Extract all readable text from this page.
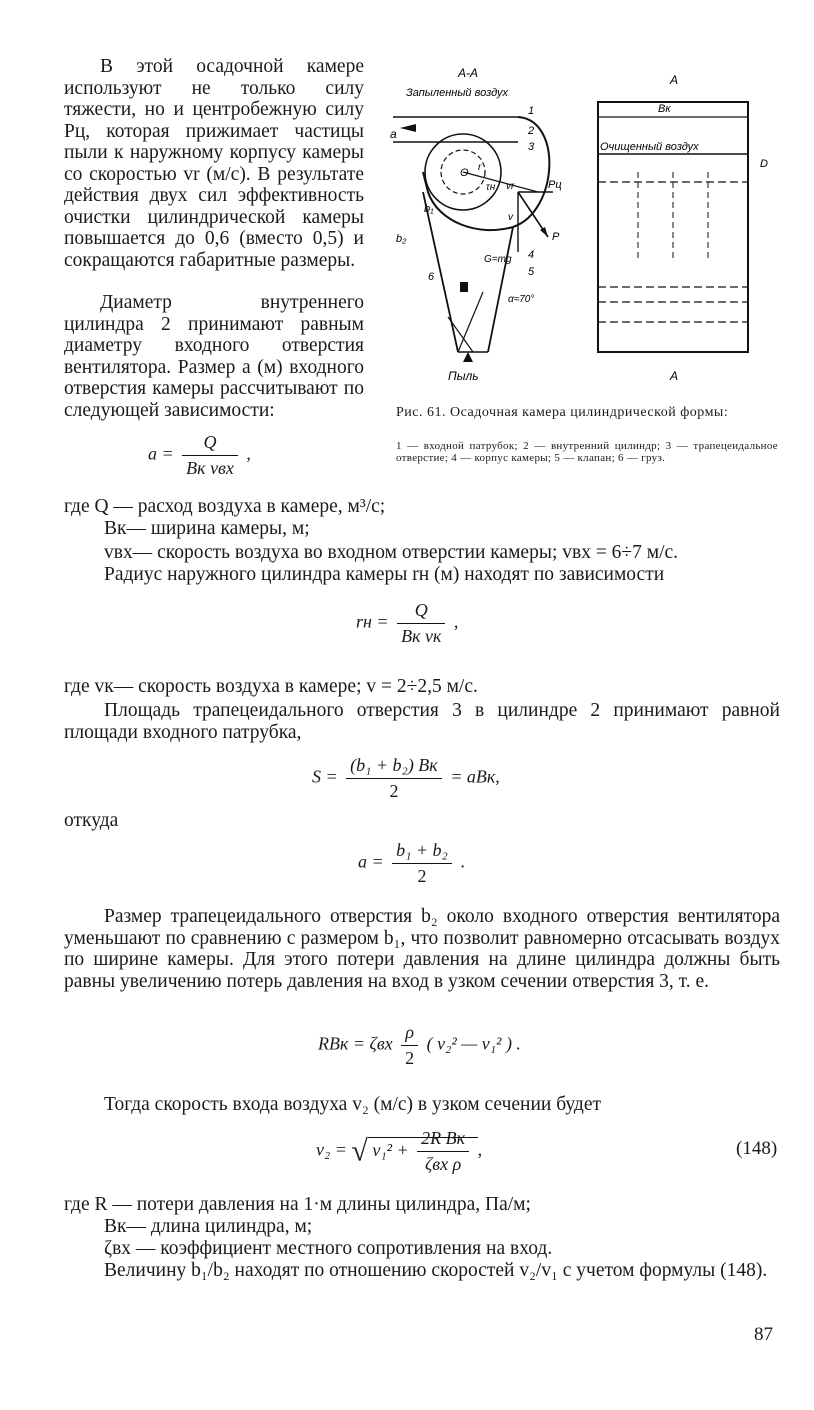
В этой осадочной камере используют не только силу тяжести, но и центробежную силу Pц, которая прижимает частицы пыли к наружному корпусу камеры со скоростью vr (м/с). В результате действия двух сил эффективность очистки цилиндрической камеры повышается до 0,6 (вместо 0,5) и сокращаются габаритные размеры.
Диаметр внутреннего цилиндра 2 принимают равным диаметру входного отверстия вентилятора. Размер a (м) входного отверстия камеры рассчитывают по следующей зависимости:
А-А
Запыленный воздух
a
Пыль
Pц
P
vr
τн
v
G=mg
O r
b₁
b₂
6
1
2
3
4
5
α≈70°
А
А
Очищенный воздух
Bк
D
Рис. 61. Осадочная камера цилиндрической формы:
1 — входной патрубок; 2 — внутренний цилиндр; 3 — трапецеидальное отверстие; 4 — корпус камеры; 5 — клапан; 6 — груз.
$a = \frac{Q}{\text{Bк vвх}}$ ,
где Q — расход воздуха в камере, м³/с;
Bк— ширина камеры, м;
vвх— скорость воздуха во входном отверстии камеры; vвх = 6÷7 м/с.
Радиус наружного цилиндра камеры rн (м) находят по зависимости
rн = $\frac{Q}{\text{Bк vк}}$ ,
где vк— скорость воздуха в камере; v = 2÷2,5 м/с.
Площадь трапецеидального отверстия 3 в цилиндре 2 принимают равной площади входного патрубка,
$S = \frac{\text{(b₁ + b₂) Bк}}{2}$ = aBк,
откуда
$a = \frac{\text{b₁ + b₂}}{2}$ .
Размер трапецеидального отверстия b₂ около входного отверстия вентилятора уменьшают по сравнению с размером b₁, что позволит равномерно отсасывать воздух по ширине камеры. Для этого потери давления на длине цилиндра должны быть равны увеличению потерь давления на вход в узком сечении отверстия 3, т. е.
RBк = ζвх $\frac{\rho}{2}$ ( v₂² — v₁² ) .
Тогда скорость входа воздуха v₂ (м/с) в узком сечении будет
v₂ = √ $v_1^2 + \frac{\text{2R Bк}}{\text{ζвх ρ}}$ ,	(148)
где R — потери давления на 1·м длины цилиндра, Па/м;
Bк— длина цилиндра, м;
ζвх — коэффициент местного сопротивления на вход.
Величину b₁/b₂ находят по отношению скоростей v₂/v₁ с учетом формулы (148).
87
